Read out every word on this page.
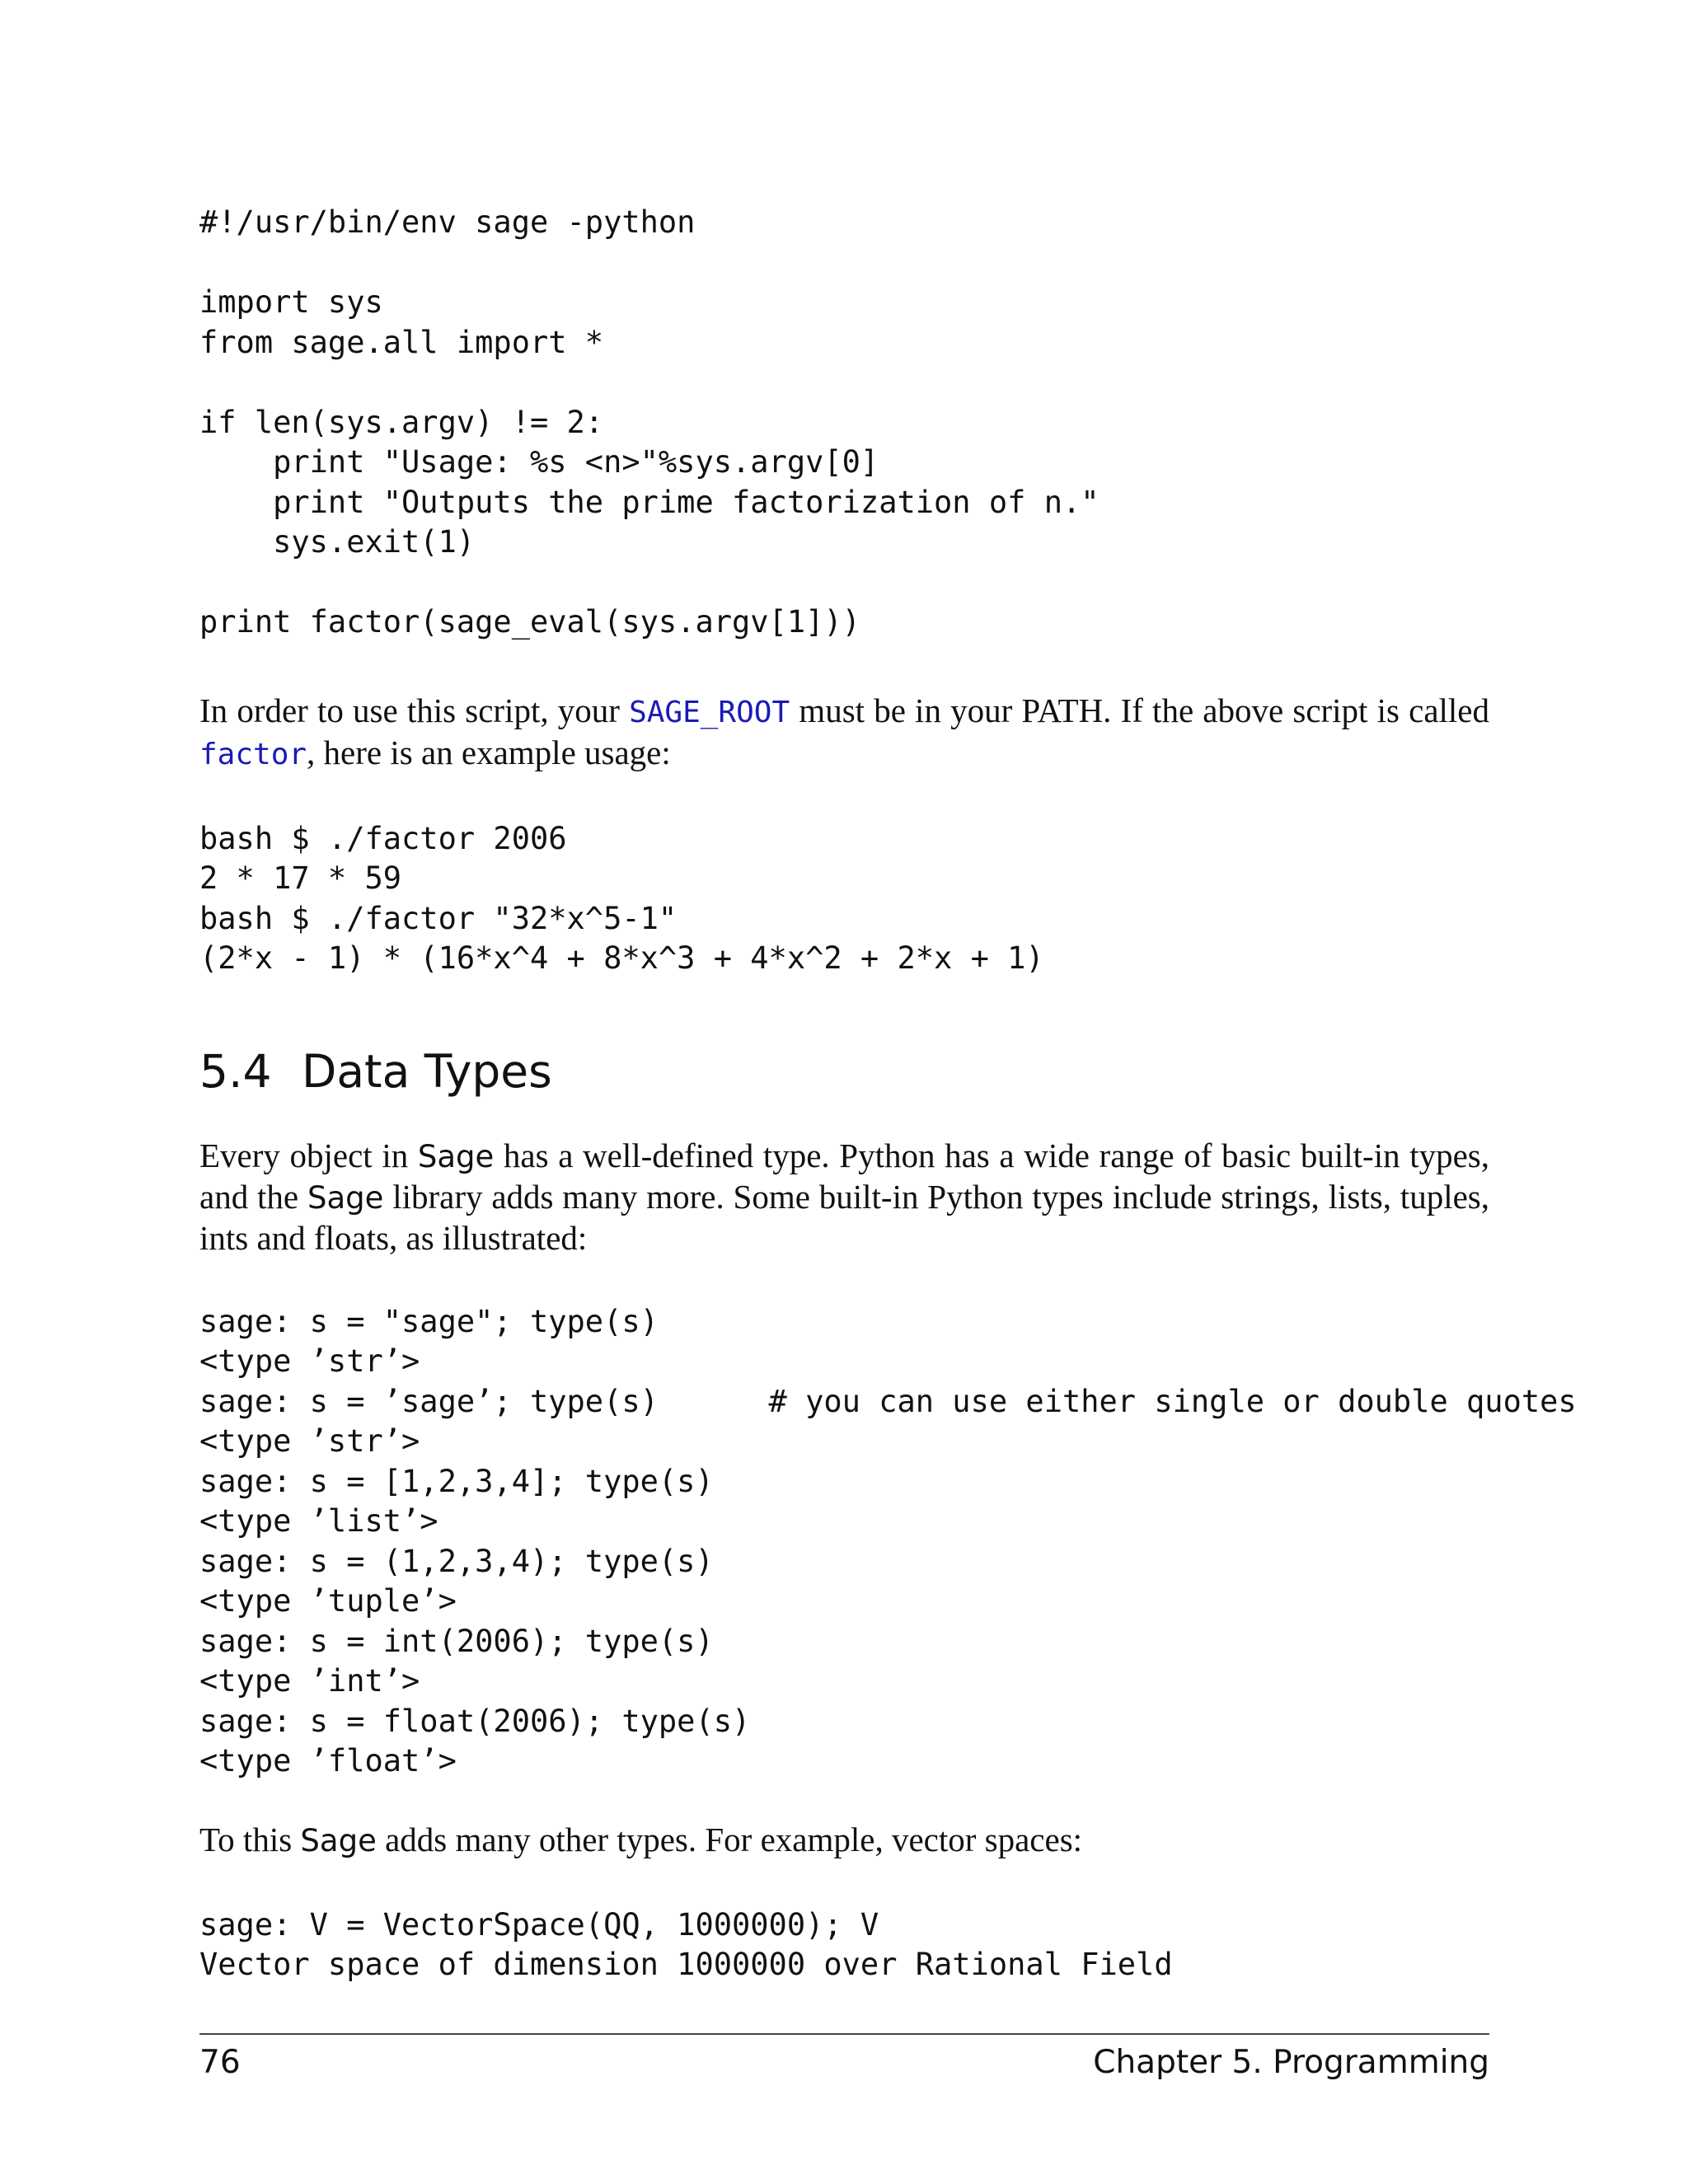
#!/usr/bin/env sage -python

import sys
from sage.all import *

if len(sys.argv) != 2:
print "Usage: %s <n>"%sys.argv[0]
print "Outputs the prime factorization of n."
sys.exit(1)

print factor(sage_eval(sys.argv[1]))

In order to use this script, your SAGE_ROOT must be in your PATH. If the above script is called factor, here is an example usage:

bash $ ./factor 2006
2 * 17 * 59
bash $ ./factor "32*x^5-1"
(2*x - 1) * (16*x^4 + 8*x^3 + 4*x^2 + 2*x + 1)
5.4 Data Types

Every object in Sage has a well-defined type. Python has a wide range of basic built-in types, and the Sage library adds many more. Some built-in Python types include strings, lists, tuples, ints and floats, as illustrated:

sage: s = "sage"; type(s)
<type ’str’>
sage: s = ’sage’; type(s)      # you can use either single or double quotes
<type ’str’>
sage: s = [1,2,3,4]; type(s)
<type ’list’>
sage: s = (1,2,3,4); type(s)
<type ’tuple’>
sage: s = int(2006); type(s)
<type ’int’>
sage: s = float(2006); type(s)
<type ’float’>

To this Sage adds many other types. For example, vector spaces:

sage: V = VectorSpace(QQ, 1000000); V
Vector space of dimension 1000000 over Rational Field
76	Chapter 5. Programming
